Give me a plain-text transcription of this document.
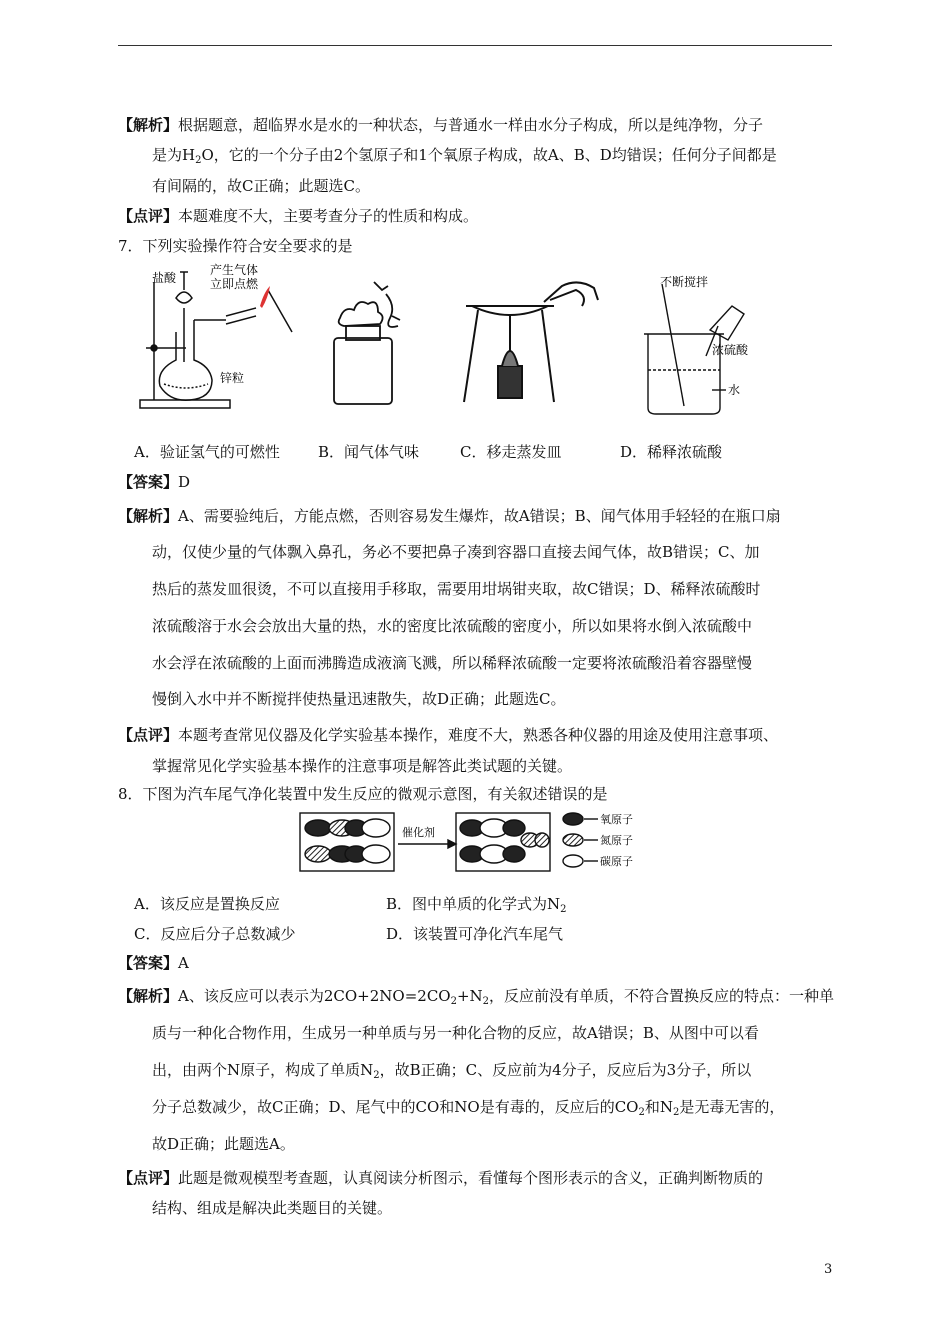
【解析】根据题意，超临界水是水的一种状态，与普通水一样由水分子构成，所以是纯净物，分子
是为$H_2O$，它的一个分子由2个氢原子和1个氧原子构成，故A、B、D均错误；任何分子间都是
有间隔的，故C正确；此题选C。
【点评】本题难度不大，主要考查分子的性质和构成。
7．下列实验操作符合安全要求的是
盐酸
产生气体
立即点燃
锌粒
不断搅拌
浓硫酸
水
A．验证氢气的可燃性	B．闻气体气味	C．移走蒸发皿	D．稀释浓硫酸
【答案】D
【解析】A、需要验纯后，方能点燃，否则容易发生爆炸，故A错误；B、闻气体用手轻轻的在瓶口扇
动，仅使少量的气体飘入鼻孔，务必不要把鼻子凑到容器口直接去闻气体，故B错误；C、加
热后的蒸发皿很烫，不可以直接用手移取，需要用坩埚钳夹取，故C错误；D、稀释浓硫酸时
浓硫酸溶于水会会放出大量的热，水的密度比浓硫酸的密度小，所以如果将水倒入浓硫酸中
水会浮在浓硫酸的上面而沸腾造成液滴飞溅，所以稀释浓硫酸一定要将浓硫酸沿着容器壁慢
慢倒入水中并不断搅拌使热量迅速散失，故D正确；此题选C。
【点评】本题考查常见仪器及化学实验基本操作，难度不大，熟悉各种仪器的用途及使用注意事项、
掌握常见化学实验基本操作的注意事项是解答此类试题的关键。
8．下图为汽车尾气净化装置中发生反应的微观示意图，有关叙述错误的是
催化剂
氧原子
氮原子
碳原子
A．该反应是置换反应	B．图中单质的化学式为$N_2$
C．反应后分子总数减少	D．该装置可净化汽车尾气
【答案】A
【解析】A、该反应可以表示为$2CO+2NO=2CO_2+N_2$，反应前没有单质，不符合置换反应的特点：一种单
质与一种化合物作用，生成另一种单质与另一种化合物的反应，故A错误；B、从图中可以看
出，由两个N原子，构成了单质$N_2$，故B正确；C、反应前为4分子，反应后为3分子，所以
分子总数减少，故C正确；D、尾气中的CO和NO是有毒的，反应后的$CO_2$和$N_2$是无毒无害的，
故D正确；此题选A。
【点评】此题是微观模型考查题，认真阅读分析图示，看懂每个图形表示的含义，正确判断物质的
结构、组成是解决此类题目的关键。
3
